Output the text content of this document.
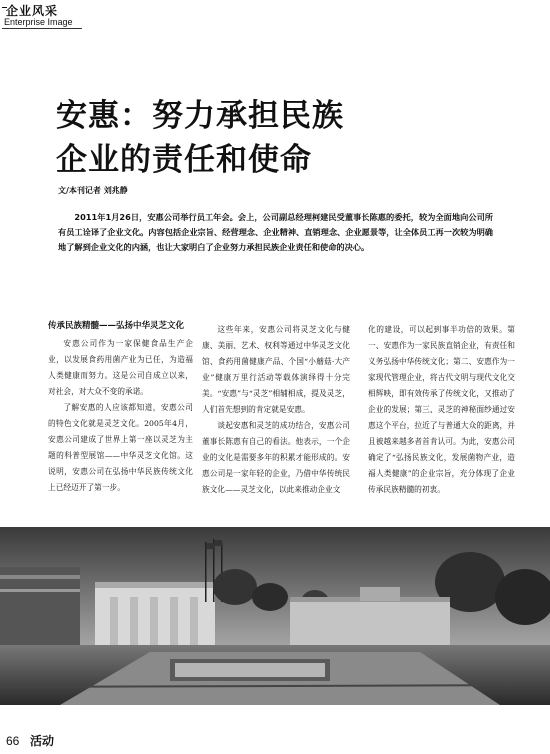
企业风采
Enterprise Image
安惠：努力承担民族
企业的责任和使命
文/本刊记者 刘兆静
2011年1月26日，安惠公司举行员工年会。会上，公司副总经理柯建民受董事长陈惠的委托，较为全面地向公司所有员工诠译了企业文化。内容包括企业宗旨、经营理念、企业精神、直销理念、企业愿景等，让全体员工再一次较为明确地了解到企业文化的内涵，也让大家明白了企业努力承担民族企业责任和使命的决心。
传承民族精髓——弘扬中华灵芝文化

安惠公司作为一家保健食品生产企业，以发展食药用菌产业为已任，为造福人类健康而努力。这是公司自成立以来，对社会，对大众不变的承诺。

了解安惠的人应该都知道，安惠公司的特色文化就是灵芝文化。2005年4月，安惠公司建成了世界上第一座以灵芝为主题的科普型展馆——中华灵芝文化馆。这说明，安惠公司在弘扬中华民族传统文化上已经迈开了第一步。

这些年来，安惠公司将灵芝文化与健康、美丽、艺术、权利等通过中华灵芝文化馆、食药用菌健康产品、个国“小蘑菇·大产业”健康万里行活动等载体演绎得十分完美。“安惠”与“灵芝”相辅相成，提及灵芝，人们首先想到的肯定就是安惠。

谈起安惠和灵芝的成功结合，安惠公司董事长陈惠有自己的看法。他表示，一个企业的文化是需要多年的积累才能形成的。安惠公司是一家年轻的企业，乃借中华传统民族文化——灵芝文化，以此来推动企业文

化的建设，可以起到事半功倍的效果。第一、安惠作为一家民族直销企业，有责任和义务弘扬中华传统文化；第二、安惠作为一家现代管理企业，将古代文明与现代文化交相辉映，即有效传承了传统文化，又推动了企业的发展；第三、灵芝的神秘面纱通过安惠这个平台，拉近了与普通大众的距离，并且被越来越多者首肯认可。为此，安惠公司确定了“弘扬民族文化，发展菌物产业，造福人类健康”的企业宗旨，充分体现了企业传承民族精髓的初衷。

66 活动
